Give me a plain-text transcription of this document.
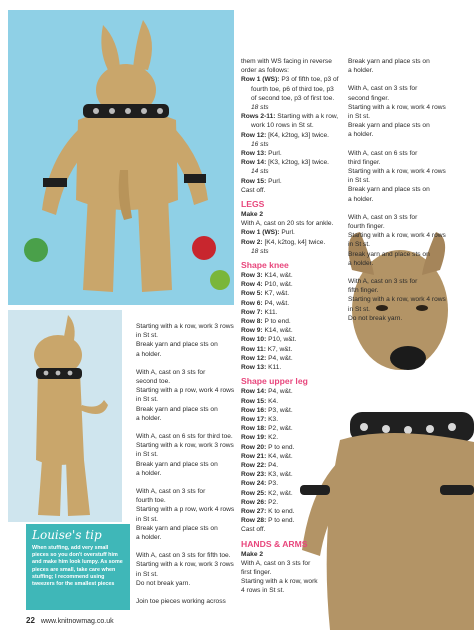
Starting with a k row, work 3 rows

in St st.

Break yarn and place sts on

a holder.

With A, cast on 3 sts for

second toe.

Starting with a p row, work 4 rows

in St st.

Break yarn and place sts on

a holder.

With A, cast on 6 sts for third toe.

Starting with a k row, work 3 rows

in St st.

Break yarn and place sts on

a holder.

With A, cast on 3 sts for

fourth toe.

Starting with a p row, work 4 rows

in St st.

Break yarn and place sts on

a holder.

With A, cast on 3 sts for fifth toe.

Starting with a k row, work 3 rows

in St st.

Do not break yarn.

Join toe pieces working across

them with WS facing in reverse

order as follows:

Row 1 (WS): P3 of fifth toe, p3 of

fourth toe, p6 of third toe, p3

of second toe, p3 of first toe.

18 sts

Rows 2-11: Starting with a k row,

work 10 rows in St st.

Row 12: [K4, k2tog, k3] twice.

16 sts

Row 13: Purl.

Row 14: [K3, k2tog, k3] twice.

14 sts

Row 15: Purl.

Cast off.

LEGS

Make 2

With A, cast on 20 sts for ankle.

Row 1 (WS): Purl.

Row 2: [K4, k2tog, k4] twice.

18 sts

Shape knee

Row 3: K14, w&t.

Row 4: P10, w&t.

Row 5: K7, w&t.

Row 6: P4, w&t.

Row 7: K11.

Row 8: P to end.

Row 9: K14, w&t.

Row 10: P10, w&t.

Row 11: K7, w&t.

Row 12: P4, w&t.

Row 13: K11.

Shape upper leg

Row 14: P4, w&t.

Row 15: K4.

Row 16: P3, w&t.

Row 17: K3.

Row 18: P2, w&t.

Row 19: K2.

Row 20: P to end.

Row 21: K4, w&t.

Row 22: P4.

Row 23: K3, w&t.

Row 24: P3.

Row 25: K2, w&t.

Row 26: P2.

Row 27: K to end.

Row 28: P to end.

Cast off.

HANDS & ARMS

Make 2

With A, cast on 3 sts for

first finger.

Starting with a k row, work

4 rows in St st.

Break yarn and place sts on

a holder.

With A, cast on 3 sts for

second finger.

Starting with a k row, work 4 rows

in St st.

Break yarn and place sts on

a holder.

With A, cast on 6 sts for

third finger.

Starting with a k row, work 4 rows

in St st.

Break yarn and place sts on

a holder.

With A, cast on 3 sts for

fourth finger.

Starting with a k row, work 4 rows

in St st.

Break yarn and place sts on

a holder.

With A, cast on 3 sts for

fifth finger.

Starting with a k row, work 4 rows

in St st.

Do not break yarn.

Louise's tip
When stuffing, add very small pieces so you don't overstuff him and make him look lumpy. As some pieces are small, take care when stuffing; I recommend using tweezers for the smallest pieces
22 www.knitnowmag.co.uk
